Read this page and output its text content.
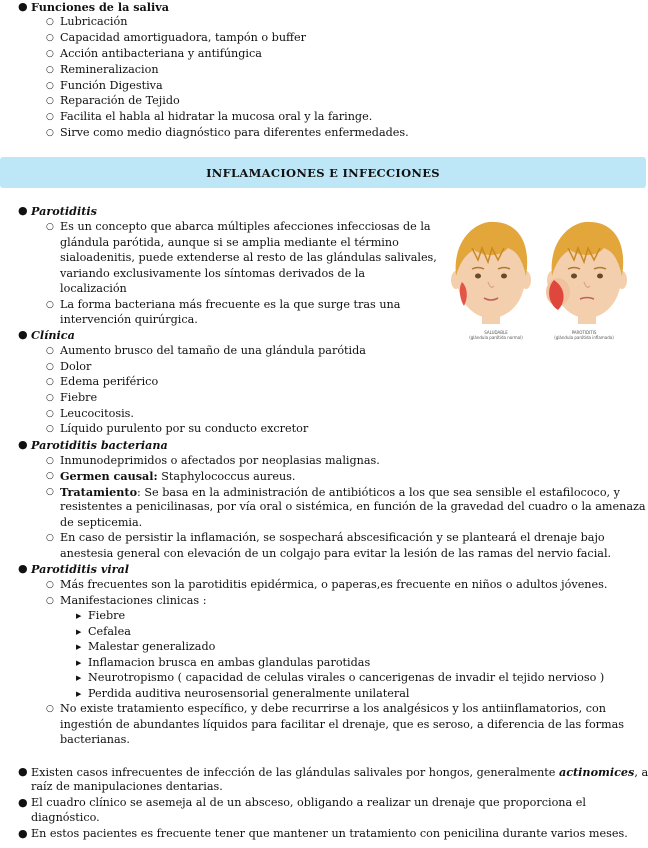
● Funciones de la saliva
○ Lubricación
○ Capacidad amortiguadora, tampón o buffer
○ Acción antibacteriana y antifúngica
○ Remineralizacion
○ Función Digestiva
○ Reparación de Tejido
○ Facilita el habla al hidratar la mucosa oral y la faringe.
○ Sirve como medio diagnóstico para diferentes enfermedades.
INFLAMACIONES E INFECCIONES
● Parotiditis
○ Es un concepto que abarca múltiples afecciones infecciosas de la
glándula parótida, aunque si se amplia mediante el término
sialoadenitis, puede extenderse al resto de las glándulas salivales,
variando exclusivamente los síntomas derivados de la
localización
○ La forma bacteriana más frecuente es la que surge tras una
intervención quirúrgica.
SALUDABLE
(glándula parótida normal)
PAROTIDITIS
(glándula parótida inflamada)
● Clínica
○ Aumento brusco del tamaño de una glándula parótida
○ Dolor
○ Edema periférico
○ Fiebre
○ Leucocitosis.
○ Líquido purulento por su conducto excretor
● Parotiditis bacteriana
○ Inmunodeprimidos o afectados por neoplasias malignas.
○ Germen causal: Staphylococcus aureus.
○ Tratamiento: Se basa en la administración de antibióticos a los que sea sensible el estafilococo, y
resistentes a penicilinasas, por vía oral o sistémica, en función de la gravedad del cuadro o la amenaza
de septicemia.
○ En caso de persistir la inflamación, se sospechará abscesificación y se planteará el drenaje bajo
anestesia general con elevación de un colgajo para evitar la lesión de las ramas del nervio facial.
● Parotiditis viral
○ Más frecuentes son la parotiditis epidérmica, o paperas,es frecuente en niños o adultos jóvenes.
○ Manifestaciones clinicas :
▶ Fiebre
▶ Cefalea
▶ Malestar generalizado
▶ Inflamacion brusca en ambas glandulas parotidas
▶ Neurotropismo ( capacidad de celulas virales o cancerigenas de invadir el tejido nervioso )
▶ Perdida auditiva neurosensorial generalmente unilateral
○ No existe tratamiento específico, y debe recurrirse a los analgésicos y los antiinflamatorios, con
ingestión de abundantes líquidos para facilitar el drenaje, que es seroso, a diferencia de las formas
bacterianas.
● Existen casos infrecuentes de infección de las glándulas salivales por hongos, generalmente actinomices, a
raíz de manipulaciones dentarias.
● El cuadro clínico se asemeja al de un absceso, obligando a realizar un drenaje que proporciona el
diagnóstico.
● En estos pacientes es frecuente tener que mantener un tratamiento con penicilina durante varios meses.
